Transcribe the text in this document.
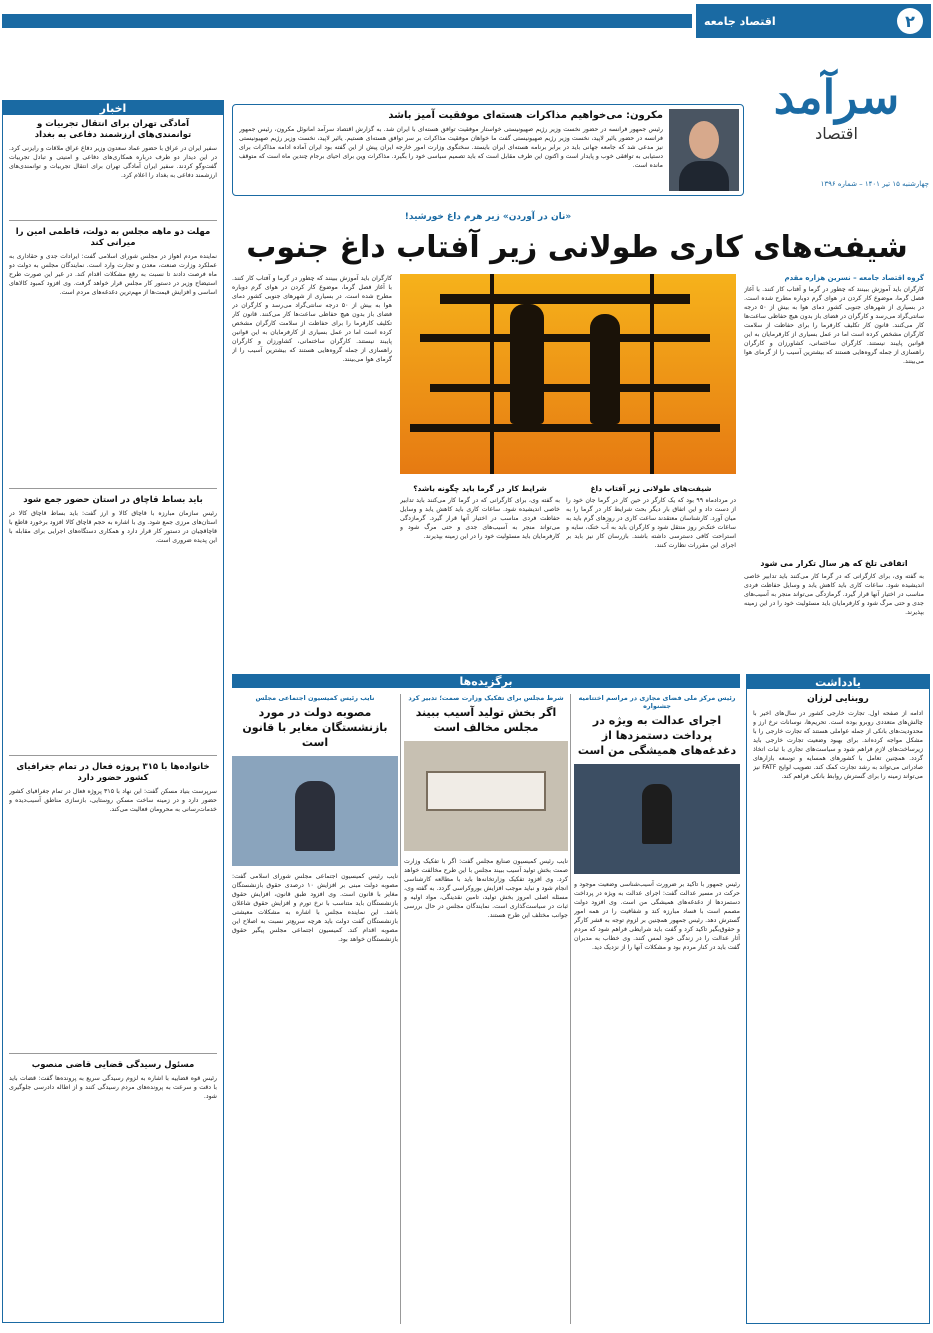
۲
اقتصاد جامعه
سرآمد
اقتصاد
چهارشنبه ۱۵ تیر ۱۴۰۱ – شماره ۱۳۹۶
مکرون: می‌خواهیم مذاکرات هسته‌ای موفقیت آمیز باشد
رئیس جمهور فرانسه در حضور نخست وزیر رژیم صهیونیستی خواستار موفقیت توافق هسته‌ای با ایران شد. به گزارش اقتصاد سرآمد امانوئل مکرون، رئیس جمهور فرانسه در حضور یائیر لاپید، نخست وزیر رژیم صهیونیستی گفت ما خواهان موفقیت مذاکرات بر سر توافق هسته‌ای هستیم. یائیر لاپید، نخست وزیر رژیم صهیونیستی نیز مدعی شد که جامعه جهانی باید در برابر برنامه هسته‌ای ایران بایستد. سخنگوی وزارت امور خارجه ایران پیش از این گفته بود ایران آماده ادامه مذاکرات برای دستیابی به توافقی خوب و پایدار است و اکنون این طرف مقابل است که باید تصمیم سیاسی خود را بگیرد. مذاکرات وین برای احیای برجام چندین ماه است که متوقف مانده است.
«نان در آوردن» زیر هرم داغ خورشید!
شیفت‌های کاری طولانی زیر آفتاب داغ جنوب
اخبار
آمادگی تهران برای انتقال تجربیات و توانمندی‌های ارزشمند دفاعی به بغداد
سفیر ایران در عراق با حضور عماد سعدون وزیر دفاع عراق ملاقات و رایزنی کرد. در این دیدار دو طرف درباره همکاری‌های دفاعی و امنیتی و تبادل تجربیات گفت‌وگو کردند. سفیر ایران آمادگی تهران برای انتقال تجربیات و توانمندی‌های ارزشمند دفاعی به بغداد را اعلام کرد.
مهلت دو ماهه مجلس به دولت، فاطمی امین را میرانی کند
نماینده مردم اهواز در مجلس شورای اسلامی گفت: ایرادات جدی و حقاداری به عملکرد وزارت صنعت، معدن و تجارت وارد است. نمایندگان مجلس به دولت دو ماه فرصت دادند تا نسبت به رفع مشکلات اقدام کند. در غیر این صورت طرح استیضاح وزیر در دستور کار مجلس قرار خواهد گرفت. وی افزود کمبود کالاهای اساسی و افزایش قیمت‌ها از مهم‌ترین دغدغه‌های مردم است.
باید بساط قاچاق در استان حضور جمع شود
رئیس سازمان مبارزه با قاچاق کالا و ارز گفت: باید بساط قاچاق کالا در استان‌های مرزی جمع شود. وی با اشاره به حجم قاچاق کالا افزود برخورد قاطع با قاچاقچیان در دستور کار قرار دارد و همکاری دستگاه‌های اجرایی برای مقابله با این پدیده ضروری است.
خانواده‌ها با ۳۱۵ پروژه فعال در تمام جغرافیای کشور حضور دارد
سرپرست بنیاد مسکن گفت: این نهاد با ۳۱۵ پروژه فعال در تمام جغرافیای کشور حضور دارد و در زمینه ساخت مسکن روستایی، بازسازی مناطق آسیب‌دیده و خدمات‌رسانی به محرومان فعالیت می‌کند.
مسئول رسیدگی قضایی قاضی منصوب
رئیس قوه قضاییه با اشاره به لزوم رسیدگی سریع به پرونده‌ها گفت: قضات باید با دقت و سرعت به پرونده‌های مردم رسیدگی کنند و از اطاله دادرسی جلوگیری شود.
گروه اقتصاد جامعه – نسرین هزاره مقدم
کارگران باید آموزش ببینند که چطور در گرما و آفتاب کار کنند. با آغاز فصل گرما، موضوع کار کردن در هوای گرم دوباره مطرح شده است. در بسیاری از شهرهای جنوبی کشور دمای هوا به بیش از ۵۰ درجه سانتی‌گراد می‌رسد و کارگران در فضای باز بدون هیچ حفاظی ساعت‌ها کار می‌کنند. قانون کار تکلیف کارفرما را برای حفاظت از سلامت کارگران مشخص کرده است اما در عمل بسیاری از کارفرمایان به این قوانین پایبند نیستند. کارگران ساختمانی، کشاورزان و کارگران راهسازی از جمله گروه‌هایی هستند که بیشترین آسیب را از گرمای هوا می‌بینند.
اتفاقی تلخ که هر سال تکرار می شود
به گفته وی، برای کارگرانی که در گرما کار می‌کنند باید تدابیر خاصی اندیشیده شود. ساعات کاری باید کاهش یابد و وسایل حفاظت فردی مناسب در اختیار آنها قرار گیرد. گرمازدگی می‌تواند منجر به آسیب‌های جدی و حتی مرگ شود و کارفرمایان باید مسئولیت خود را در این زمینه بپذیرند.
شیفت‌های طولانی زیر آفتاب داغ
در مردادماه ۹۹ بود که یک کارگر در حین کار در گرما جان خود را از دست داد و این اتفاق بار دیگر بحث شرایط کار در گرما را به میان آورد. کارشناسان معتقدند ساعت کاری در روزهای گرم باید به ساعات خنک‌تر روز منتقل شود و کارگران باید به آب خنک، سایه و استراحت کافی دسترسی داشته باشند. بازرسان کار نیز باید بر اجرای این مقررات نظارت کنند.
شرایط کار در گرما باید چگونه باشد؟
به گفته وی، برای کارگرانی که در گرما کار می‌کنند باید تدابیر خاصی اندیشیده شود. ساعات کاری باید کاهش یابد و وسایل حفاظت فردی مناسب در اختیار آنها قرار گیرد. گرمازدگی می‌تواند منجر به آسیب‌های جدی و حتی مرگ شود و کارفرمایان باید مسئولیت خود را در این زمینه بپذیرند.
کارگران باید آموزش ببینند که چطور در گرما و آفتاب کار کنند. با آغاز فصل گرما، موضوع کار کردن در هوای گرم دوباره مطرح شده است. در بسیاری از شهرهای جنوبی کشور دمای هوا به بیش از ۵۰ درجه سانتی‌گراد می‌رسد و کارگران در فضای باز بدون هیچ حفاظی ساعت‌ها کار می‌کنند. قانون کار تکلیف کارفرما را برای حفاظت از سلامت کارگران مشخص کرده است اما در عمل بسیاری از کارفرمایان به این قوانین پایبند نیستند. کارگران ساختمانی، کشاورزان و کارگران راهسازی از جمله گروه‌هایی هستند که بیشترین آسیب را از گرمای هوا می‌بینند.
برگزیده‌ها
رئیس مرکز ملی فضای مجازی در مراسم اختتامیه جشنواره
اجرای عدالت به ویژه در پرداخت دستمزدها از دغدغه‌های همیشگی من است
رئیس جمهور با تاکید بر ضرورت آسیب‌شناسی وضعیت موجود و حرکت در مسیر عدالت گفت: اجرای عدالت به ویژه در پرداخت دستمزدها از دغدغه‌های همیشگی من است. وی افزود دولت مصمم است با فساد مبارزه کند و شفافیت را در همه امور گسترش دهد. رئیس جمهور همچنین بر لزوم توجه به قشر کارگر و حقوق‌بگیر تاکید کرد و گفت باید شرایطی فراهم شود که مردم آثار عدالت را در زندگی خود لمس کنند. وی خطاب به مدیران گفت باید در کنار مردم بود و مشکلات آنها را از نزدیک دید.
شرط مجلس برای تفکیک وزارت صمت؛ تدبیر کرد
اگر بخش تولید آسیب ببیند مجلس مخالف است
نایب رئیس کمیسیون صنایع مجلس گفت: اگر با تفکیک وزارت صمت بخش تولید آسیب ببیند مجلس با این طرح مخالفت خواهد کرد. وی افزود تفکیک وزارتخانه‌ها باید با مطالعه کارشناسی انجام شود و نباید موجب افزایش بوروکراسی گردد. به گفته وی، مسئله اصلی امروز بخش تولید، تامین نقدینگی، مواد اولیه و ثبات در سیاست‌گذاری است. نمایندگان مجلس در حال بررسی جوانب مختلف این طرح هستند.
نایب رئیس کمیسیون اجتماعی مجلس
مصوبه دولت در مورد بازنشستگان مغایر با قانون است
نایب رئیس کمیسیون اجتماعی مجلس شورای اسلامی گفت: مصوبه دولت مبنی بر افزایش ۱۰ درصدی حقوق بازنشستگان مغایر با قانون است. وی افزود طبق قانون، افزایش حقوق بازنشستگان باید متناسب با نرخ تورم و افزایش حقوق شاغلان باشد. این نماینده مجلس با اشاره به مشکلات معیشتی بازنشستگان گفت دولت باید هرچه سریع‌تر نسبت به اصلاح این مصوبه اقدام کند. کمیسیون اجتماعی مجلس پیگیر حقوق بازنشستگان خواهد بود.
یادداشت
روبنایی لرزان
ادامه از صفحه اول. تجارت خارجی کشور در سال‌های اخیر با چالش‌های متعددی روبرو بوده است. تحریم‌ها، نوسانات نرخ ارز و محدودیت‌های بانکی از جمله عواملی هستند که تجارت خارجی را با مشکل مواجه کرده‌اند. برای بهبود وضعیت تجارت خارجی باید زیرساخت‌های لازم فراهم شود و سیاست‌های تجاری با ثبات اتخاذ گردد. همچنین تعامل با کشورهای همسایه و توسعه بازارهای صادراتی می‌تواند به رشد تجارت کمک کند. تصویب لوایح FATF نیز می‌تواند زمینه را برای گسترش روابط بانکی فراهم کند.
